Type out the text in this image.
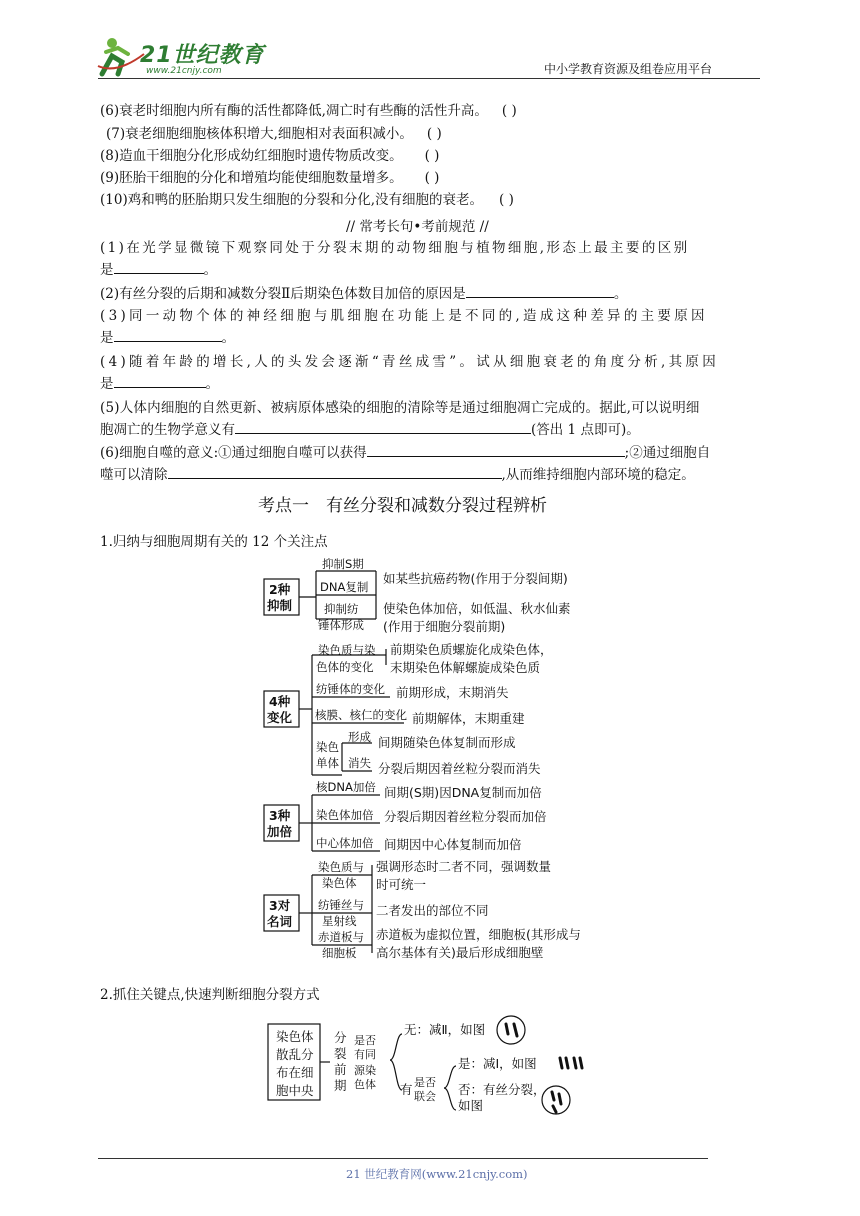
21世纪教育
www.21cnjy.com	中小学教育资源及组卷应用平台
(6)衰老时细胞内所有酶的活性都降低,凋亡时有些酶的活性升高。 ( )
(7)衰老细胞细胞核体积增大,细胞相对表面积减小。 ( )
(8)造血干细胞分化形成幼红细胞时遗传物质改变。 ( )
(9)胚胎干细胞的分化和增殖均能使细胞数量增多。 ( )
(10)鸡和鸭的胚胎期只发生细胞的分裂和分化,没有细胞的衰老。 ( )
// 常考长句•考前规范 //
(1)在光学显微镜下观察同处于分裂末期的动物细胞与植物细胞,形态上最主要的区别
是	。
(2)有丝分裂的后期和减数分裂Ⅱ后期染色体数目加倍的原因是	。
(3)同一动物个体的神经细胞与肌细胞在功能上是不同的,造成这种差异的主要原因
是	。
(4)随着年龄的增长,人的头发会逐渐“青丝成雪”。试从细胞衰老的角度分析,其原因
是	。
(5)人体内细胞的自然更新、被病原体感染的细胞的清除等是通过细胞凋亡完成的。据此,可以说明细
胞凋亡的生物学意义有	(答出 1 点即可)。
(6)细胞自噬的意义:①通过细胞自噬可以获得	;②通过细胞自
噬可以清除	,从而维持细胞内部环境的稳定。
考点一　有丝分裂和减数分裂过程辨析
1.归纳与细胞周期有关的 12 个关注点
2种
抑制
抑制S期
DNA复制
如某些抗癌药物(作用于分裂间期)
抑制纺
锤体形成
使染色体加倍，如低温、秋水仙素
(作用于细胞分裂前期)
4种
变化
染色质与染
色体的变化
前期染色质螺旋化成染色体，
末期染色体解螺旋成染色质
纺锤体的变化 前期形成，末期消失
核膜、核仁的变化 前期解体，末期重建
染色
单体
形成 间期随染色体复制而形成
消失 分裂后期因着丝粒分裂而消失
3种
加倍
核DNA加倍 间期(S期)因DNA复制而加倍
染色体加倍 分裂后期因着丝粒分裂而加倍
中心体加倍 间期因中心体复制而加倍
3对
名词
染色质与
染色体
强调形态时二者不同，强调数量
时可统一
纺锤丝与
星射线
二者发出的部位不同
赤道板与
细胞板
赤道板为虚拟位置，细胞板(其形成与
高尔基体有关)最后形成细胞壁
2.抓住关键点,快速判断细胞分裂方式
染色体
散乱分
布在细
胞中央
分
裂
前
期
是否
有同
源染
色体
无：减Ⅱ，如图
有 是否
联会
是：减Ⅰ，如图
否：有丝分裂，
如图
21 世纪教育网(www.21cnjy.com)
